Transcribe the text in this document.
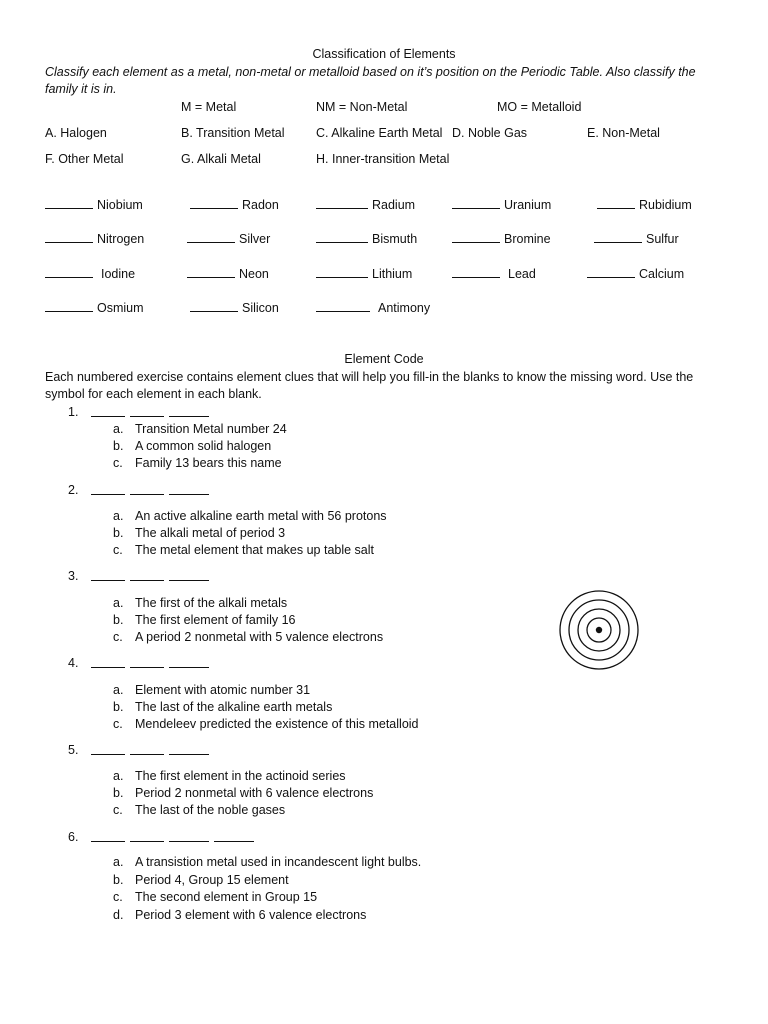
Classification of Elements
Classify each element as a metal, non-metal or metalloid based on it’s position on the Periodic Table. Also classify the
family it is in.
M = Metal	NM = Non-Metal	MO = Metalloid
A. Halogen	B. Transition Metal	C. Alkaline Earth Metal D. Noble Gas	E. Non-Metal
F. Other Metal	G. Alkali Metal	H. Inner-transition Metal
Niobium	Radon	Radium	Uranium	Rubidium
Nitrogen	Silver	Bismuth	Bromine	Sulfur
Iodine	Neon	Lithium	Lead	Calcium
Osmium	Silicon	Antimony
Element Code
Each numbered exercise contains element clues that will help you fill-in the blanks to know the missing word. Use the
symbol for each element in each blank.
1.
a. Transition Metal number 24
b. A common solid halogen
c. Family 13 bears this name
2.
a. An active alkaline earth metal with 56 protons
b. The alkali metal of period 3
c. The metal element that makes up table salt
3.
a. The first of the alkali metals
b. The first element of family 16
c. A period 2 nonmetal with 5 valence electrons
4.
a. Element with atomic number 31
b. The last of the alkaline earth metals
c. Mendeleev predicted the existence of this metalloid
5.
a. The first element in the actinoid series
b. Period 2 nonmetal with 6 valence electrons
c. The last of the noble gases
6.
a. A transistion metal used in incandescent light bulbs.
b. Period 4, Group 15 element
c. The second element in Group 15
d. Period 3 element with 6 valence electrons
